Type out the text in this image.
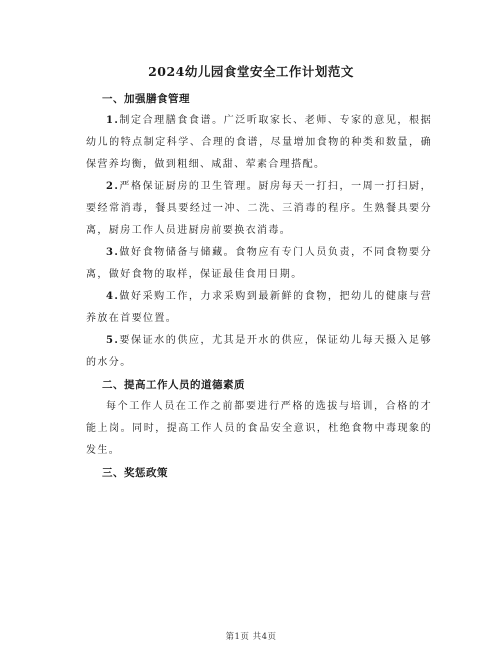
2024幼儿园食堂安全工作计划范文
一、加强膳食管理

1.制定合理膳食食谱。广泛听取家长、老师、专家的意见，根据幼儿的特点制定科学、合理的食谱，尽量增加食物的种类和数量，确保营养均衡，做到粗细、咸甜、荤素合理搭配。

2.严格保证厨房的卫生管理。厨房每天一打扫，一周一打扫厨，要经常消毒，餐具要经过一冲、二洗、三消毒的程序。生熟餐具要分离，厨房工作人员进厨房前要换衣消毒。

3.做好食物储备与储藏。食物应有专门人员负责，不同食物要分离，做好食物的取样，保证最佳食用日期。

4.做好采购工作，力求采购到最新鲜的食物，把幼儿的健康与营养放在首要位置。

5.要保证水的供应，尤其是开水的供应，保证幼儿每天摄入足够的水分。

二、提高工作人员的道德素质

每个工作人员在工作之前都要进行严格的选拔与培训，合格的才能上岗。同时，提高工作人员的食品安全意识，杜绝食物中毒现象的发生。

三、奖惩政策
第1页 共4页
